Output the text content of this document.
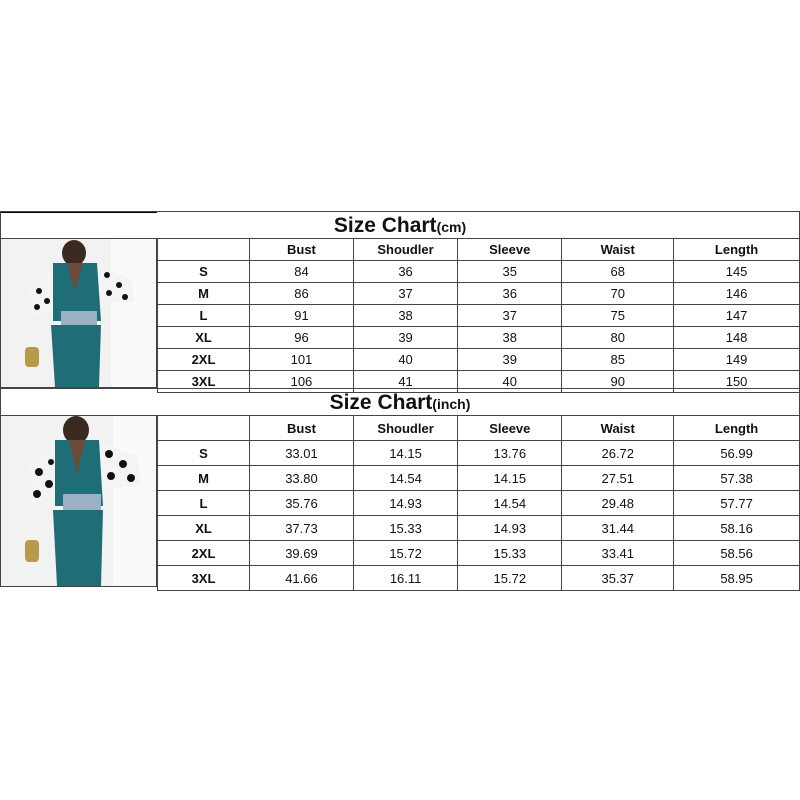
Size Chart(cm)
	Bust	Shoudler	Sleeve	Waist	Length
S	84	36	35	68	145
M	86	37	36	70	146
L	91	38	37	75	147
XL	96	39	38	80	148
2XL	101	40	39	85	149
3XL	106	41	40	90	150
Size Chart(inch)
	Bust	Shoudler	Sleeve	Waist	Length
S	33.01	14.15	13.76	26.72	56.99
M	33.80	14.54	14.15	27.51	57.38
L	35.76	14.93	14.54	29.48	57.77
XL	37.73	15.33	14.93	31.44	58.16
2XL	39.69	15.72	15.33	33.41	58.56
3XL	41.66	16.11	15.72	35.37	58.95
